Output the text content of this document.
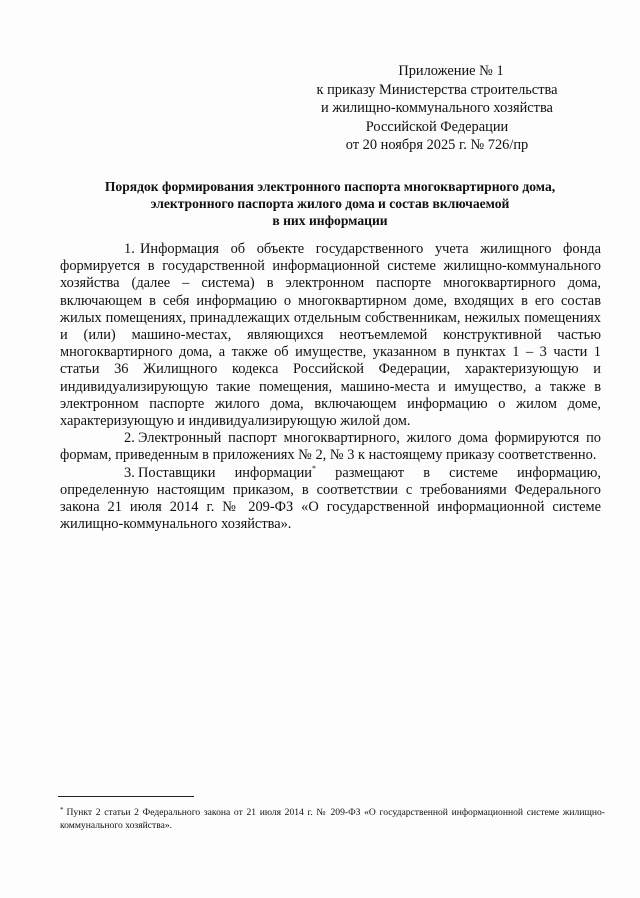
Приложение № 1
к приказу Министерства строительства
и жилищно-коммунального хозяйства
Российской Федерации
от 20 ноября 2025 г. № 726/пр
Порядок формирования электронного паспорта многоквартирного дома,
электронного паспорта жилого дома и состав включаемой
в них информации

1. Информация об объекте государственного учета жилищного фонда формируется в государственной информационной системе жилищно-коммунального хозяйства (далее – система) в электронном паспорте многоквартирного дома, включающем в себя информацию о многоквартирном доме, входящих в его состав жилых помещениях, принадлежащих отдельным собственникам, нежилых помещениях и (или) машино-местах, являющихся неотъемлемой конструктивной частью многоквартирного дома, а также об имуществе, указанном в пунктах 1 – 3 части 1 статьи 36 Жилищного кодекса Российской Федерации, характеризующую и индивидуализирующую такие помещения, машино-места и имущество, а также в электронном паспорте жилого дома, включающем информацию о жилом доме, характеризующую и индивидуализирующую жилой дом.

2. Электронный паспорт многоквартирного, жилого дома формируются по формам, приведенным в приложениях № 2, № 3 к настоящему приказу соответственно.

3. Поставщики информации* размещают в системе информацию, определенную настоящим приказом, в соответствии с требованиями Федерального закона 21 июля 2014 г. № 209-ФЗ «О государственной информационной системе жилищно-коммунального хозяйства».

* Пункт 2 статьи 2 Федерального закона от 21 июля 2014 г. № 209-ФЗ «О государственной информационной системе жилищно-коммунального хозяйства».
